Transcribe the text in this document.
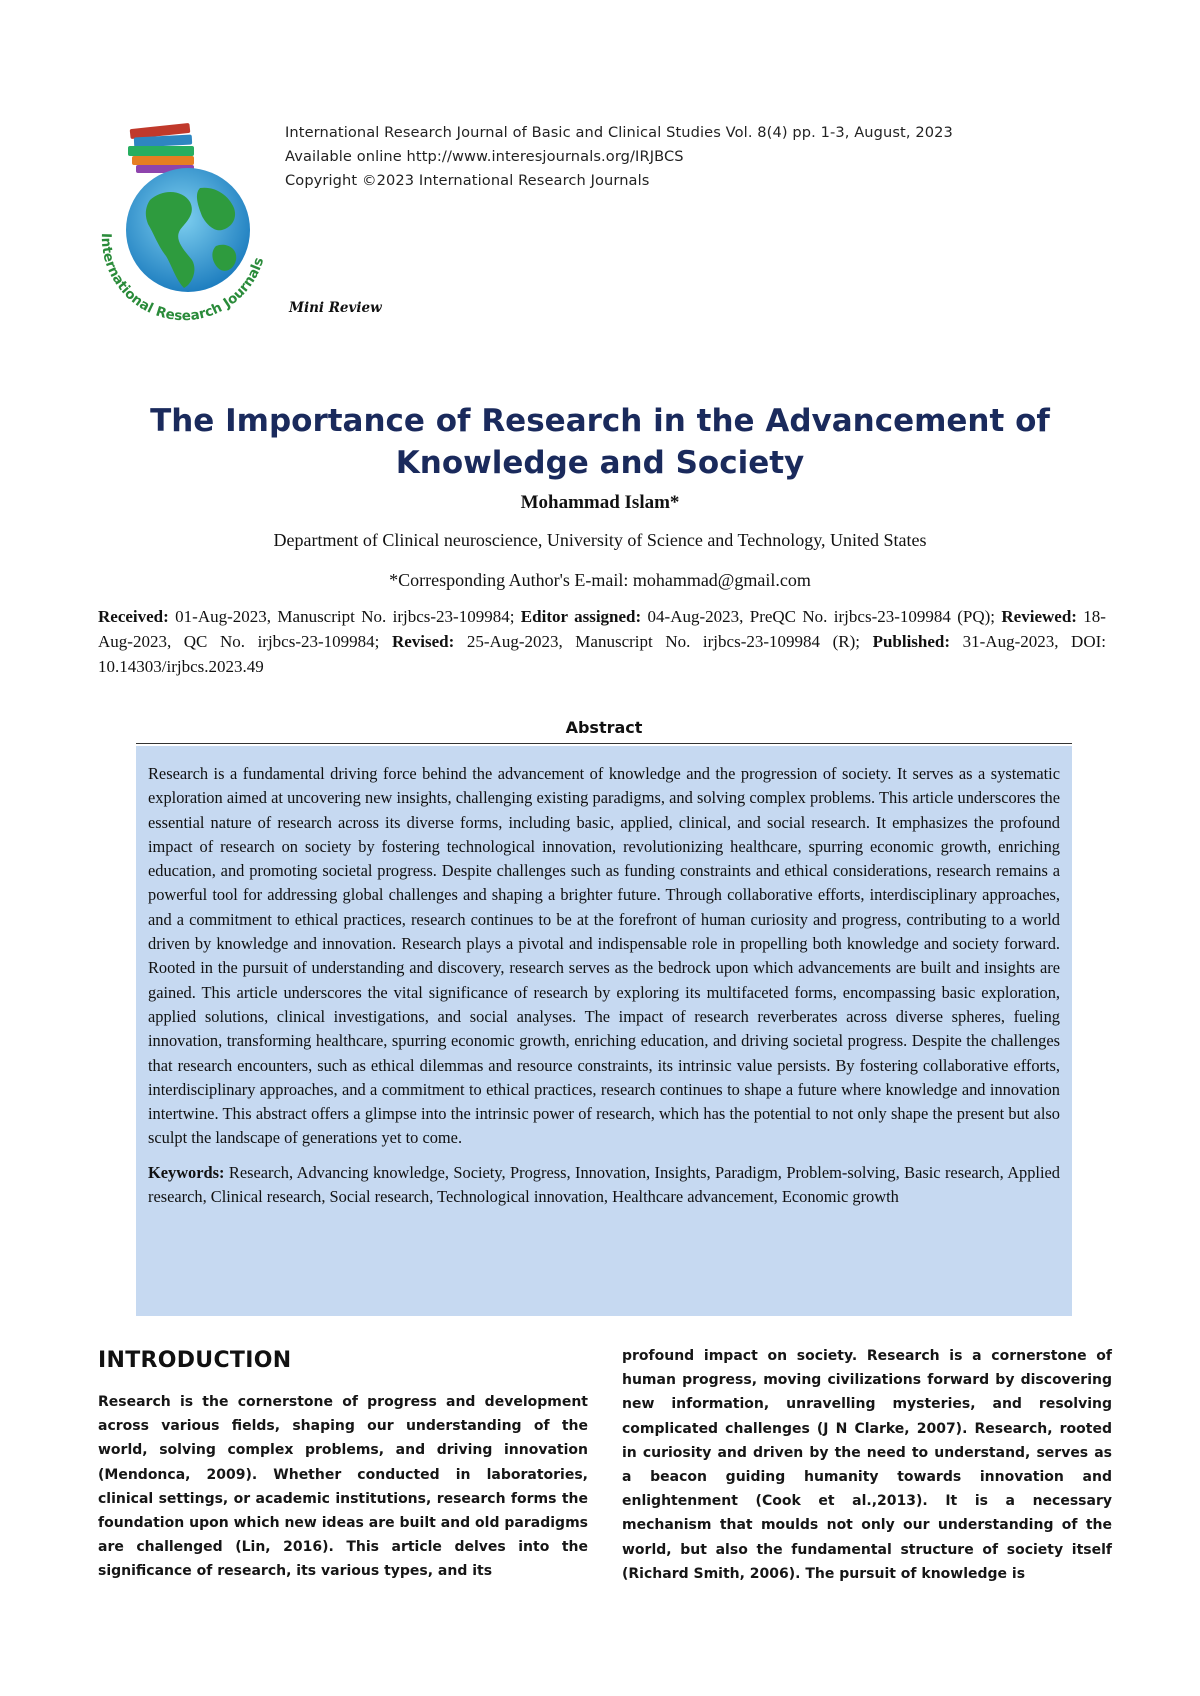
International Research Journals
International Research Journal of Basic and Clinical Studies Vol. 8(4) pp. 1-3, August, 2023
Available online http://www.interesjournals.org/IRJBCS
Copyright ©2023 International Research Journals
Mini Review
The Importance of Research in the Advancement of Knowledge and Society
Mohammad Islam*
Department of Clinical neuroscience, University of Science and Technology, United States
*Corresponding Author's E-mail: mohammad@gmail.com
Received: 01-Aug-2023, Manuscript No. irjbcs-23-109984; Editor assigned: 04-Aug-2023, PreQC No. irjbcs-23-109984 (PQ); Reviewed: 18-Aug-2023, QC No. irjbcs-23-109984; Revised: 25-Aug-2023, Manuscript No. irjbcs-23-109984 (R); Published: 31-Aug-2023, DOI: 10.14303/irjbcs.2023.49
Abstract

Research is a fundamental driving force behind the advancement of knowledge and the progression of society. It serves as a systematic exploration aimed at uncovering new insights, challenging existing paradigms, and solving complex problems. This article underscores the essential nature of research across its diverse forms, including basic, applied, clinical, and social research. It emphasizes the profound impact of research on society by fostering technological innovation, revolutionizing healthcare, spurring economic growth, enriching education, and promoting societal progress. Despite challenges such as funding constraints and ethical considerations, research remains a powerful tool for addressing global challenges and shaping a brighter future. Through collaborative efforts, interdisciplinary approaches, and a commitment to ethical practices, research continues to be at the forefront of human curiosity and progress, contributing to a world driven by knowledge and innovation. Research plays a pivotal and indispensable role in propelling both knowledge and society forward. Rooted in the pursuit of understanding and discovery, research serves as the bedrock upon which advancements are built and insights are gained. This article underscores the vital significance of research by exploring its multifaceted forms, encompassing basic exploration, applied solutions, clinical investigations, and social analyses. The impact of research reverberates across diverse spheres, fueling innovation, transforming healthcare, spurring economic growth, enriching education, and driving societal progress. Despite the challenges that research encounters, such as ethical dilemmas and resource constraints, its intrinsic value persists. By fostering collaborative efforts, interdisciplinary approaches, and a commitment to ethical practices, research continues to shape a future where knowledge and innovation intertwine. This abstract offers a glimpse into the intrinsic power of research, which has the potential to not only shape the present but also sculpt the landscape of generations yet to come.

Keywords: Research, Advancing knowledge, Society, Progress, Innovation, Insights, Paradigm, Problem-solving, Basic research, Applied research, Clinical research, Social research, Technological innovation, Healthcare advancement, Economic growth

INTRODUCTION
Research is the cornerstone of progress and development across various fields, shaping our understanding of the world, solving complex problems, and driving innovation (Mendonca, 2009). Whether conducted in laboratories, clinical settings, or academic institutions, research forms the foundation upon which new ideas are built and old paradigms are challenged (Lin, 2016). This article delves into the significance of research, its various types, and its
profound impact on society. Research is a cornerstone of human progress, moving civilizations forward by discovering new information, unravelling mysteries, and resolving complicated challenges (J N Clarke, 2007). Research, rooted in curiosity and driven by the need to understand, serves as a beacon guiding humanity towards innovation and enlightenment (Cook et al.,2013). It is a necessary mechanism that moulds not only our understanding of the world, but also the fundamental structure of society itself (Richard Smith, 2006). The pursuit of knowledge is
